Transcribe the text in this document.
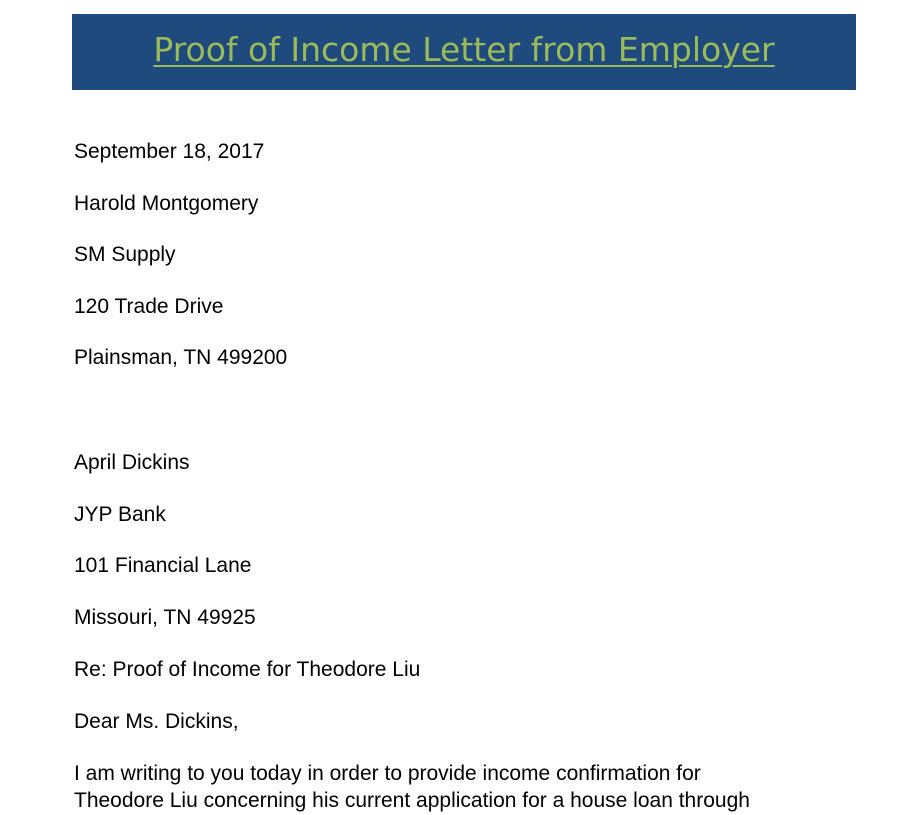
Proof of Income Letter from Employer
September 18, 2017
Harold Montgomery
SM Supply
120 Trade Drive
Plainsman, TN 499200
April Dickins
JYP Bank
101 Financial Lane
Missouri, TN 49925
Re: Proof of Income for Theodore Liu
Dear Ms. Dickins,
I am writing to you today in order to provide income confirmation for
Theodore Liu concerning his current application for a house loan through
